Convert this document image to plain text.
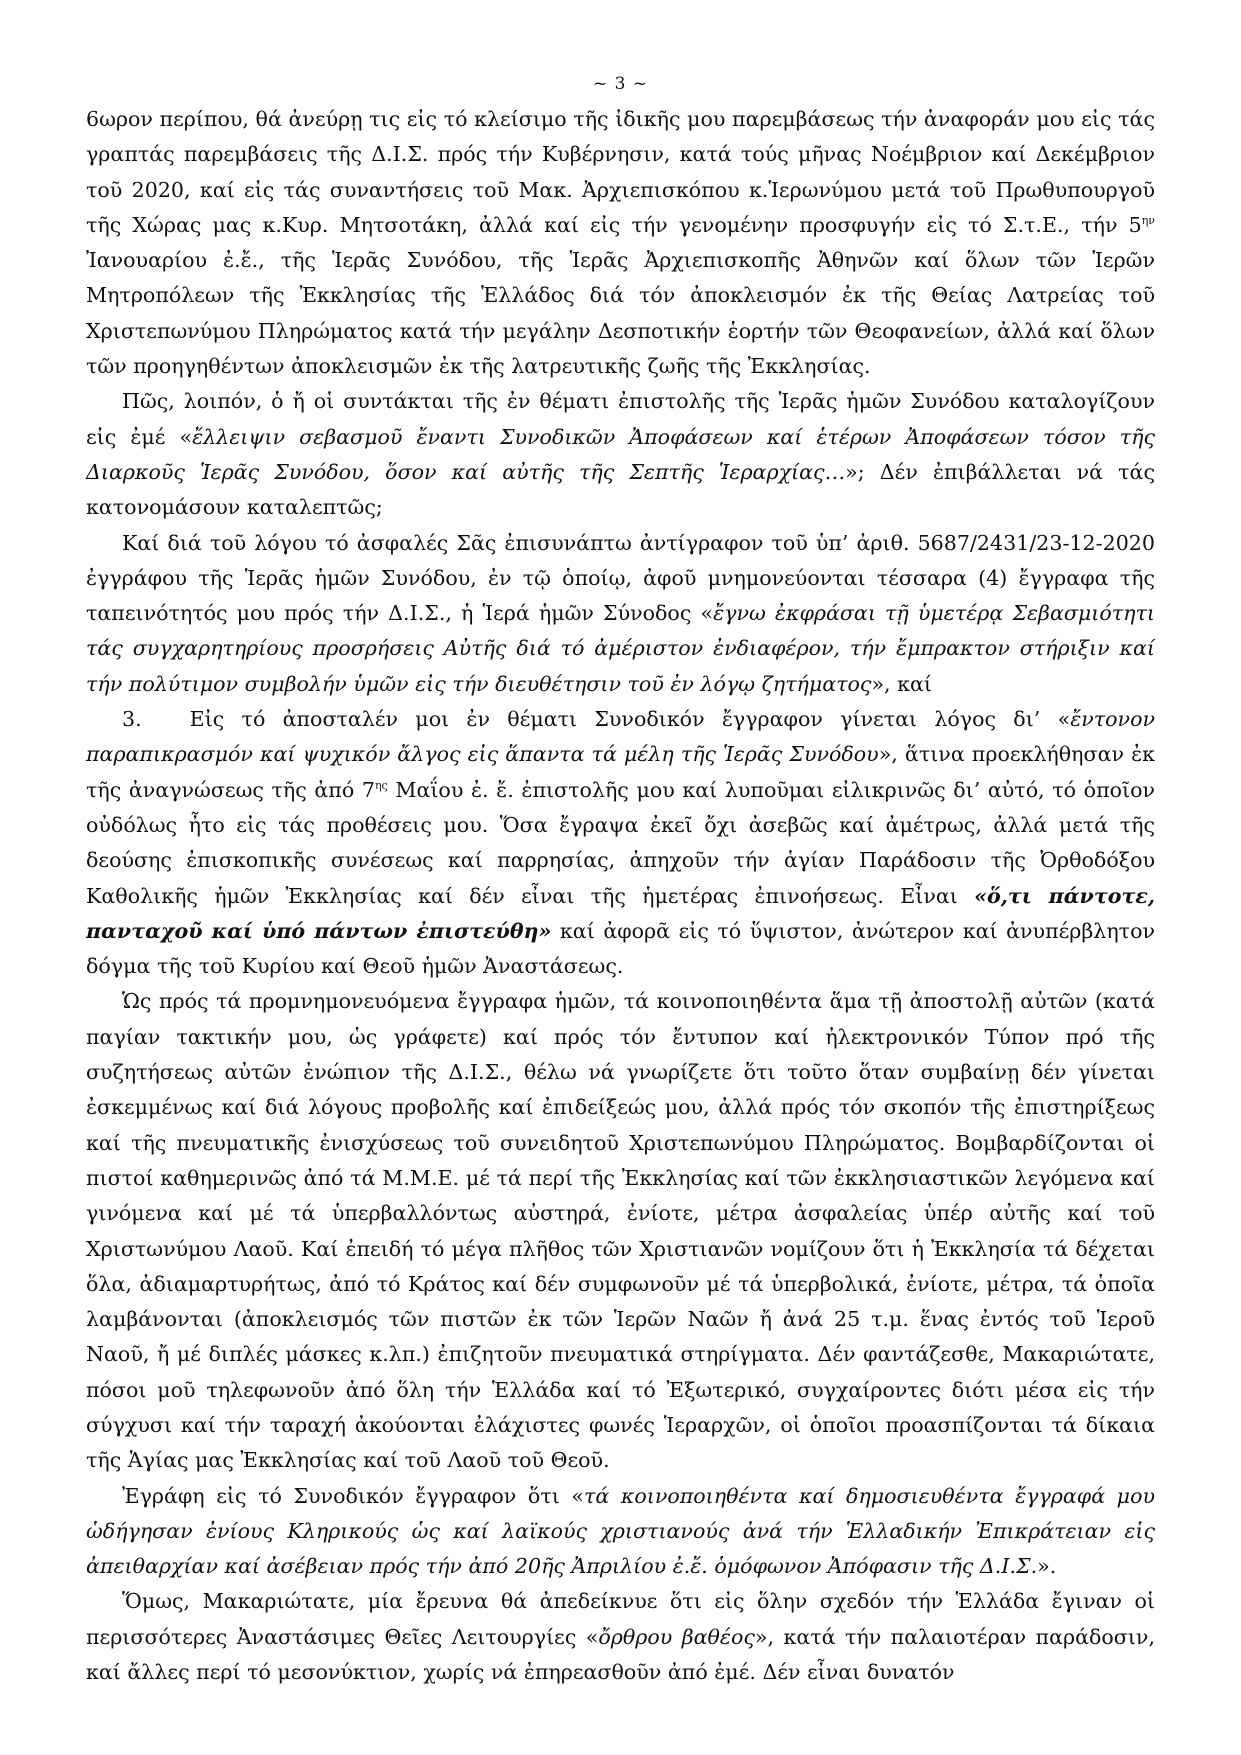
~ 3 ~

6ωρον περίπου, θά ἀνεύρῃ τις εἰς τό κλείσιμο τῆς ἰδικῆς μου παρεμβάσεως τήν ἀναφοράν μου εἰς τάς γραπτάς παρεμβάσεις τῆς Δ.Ι.Σ. πρός τήν Κυβέρνησιν, κατά τούς μῆνας Νοέμβριον καί Δεκέμβριον τοῦ 2020, καί εἰς τάς συναντήσεις τοῦ Μακ. Ἀρχιεπισκόπου κ.Ἱερωνύμου μετά τοῦ Πρωθυπουργοῦ τῆς Χώρας μας κ.Κυρ. Μητσοτάκη, ἀλλά καί εἰς τήν γενομένην προσφυγήν εἰς τό Σ.τ.Ε., τήν $5^{\eta\nu}$ Ἰανουαρίου ἐ.ἔ., τῆς Ἱερᾶς Συνόδου, τῆς Ἱερᾶς Ἀρχιεπισκοπῆς Ἀθηνῶν καί ὅλων τῶν Ἱερῶν Μητροπόλεων τῆς Ἐκκλησίας τῆς Ἑλλάδος διά τόν ἀποκλεισμόν ἐκ τῆς Θείας Λατρείας τοῦ Χριστεπωνύμου Πληρώματος κατά τήν μεγάλην Δεσποτικήν ἑορτήν τῶν Θεοφανείων, ἀλλά καί ὅλων τῶν προηγηθέντων ἀποκλεισμῶν ἐκ τῆς λατρευτικῆς ζωῆς τῆς Ἐκκλησίας.

Πῶς, λοιπόν, ὁ ἤ οἱ συντάκται τῆς ἐν θέματι ἐπιστολῆς τῆς Ἱερᾶς ἡμῶν Συνόδου καταλογίζουν εἰς ἐμέ «ἔλλειψιν σεβασμοῦ ἔναντι Συνοδικῶν Ἀποφάσεων καί ἑτέρων Ἀποφάσεων τόσον τῆς Διαρκοῦς Ἱερᾶς Συνόδου, ὅσον καί αὐτῆς τῆς Σεπτῆς Ἱεραρχίας…»; Δέν ἐπιβάλλεται νά τάς κατονομάσουν καταλεπτῶς;

Καί διά τοῦ λόγου τό ἀσφαλές Σᾶς ἐπισυνάπτω ἀντίγραφον τοῦ ὑπ’ ἀριθ. 5687/2431/23-12-2020 ἐγγράφου τῆς Ἱερᾶς ἡμῶν Συνόδου, ἐν τῷ ὁποίῳ, ἀφοῦ μνημονεύονται τέσσαρα (4) ἔγγραφα τῆς ταπεινότητός μου πρός τήν Δ.Ι.Σ., ἡ Ἱερά ἡμῶν Σύνοδος «ἔγνω ἐκφράσαι τῇ ὑμετέρᾳ Σεβασμιότητι τάς συγχαρητηρίους προσρήσεις Αὐτῆς διά τό ἀμέριστον ἐνδιαφέρον, τήν ἔμπρακτον στήριξιν καί τήν πολύτιμον συμβολήν ὑμῶν εἰς τήν διευθέτησιν τοῦ ἐν λόγῳ ζητήματος», καί

3. Εἰς τό ἀποσταλέν μοι ἐν θέματι Συνοδικόν ἔγγραφον γίνεται λόγος δι’ «ἔντονον παραπικρασμόν καί ψυχικόν ἄλγος εἰς ἅπαντα τά μέλη τῆς Ἱερᾶς Συνόδου», ἅτινα προεκλήθησαν ἐκ τῆς ἀναγνώσεως τῆς ἀπό $7^{\eta\varsigma}$ Μαΐου ἐ. ἔ. ἐπιστολῆς μου καί λυποῦμαι εἰλικρινῶς δι’ αὐτό, τό ὁποῖον οὐδόλως ἦτο εἰς τάς προθέσεις μου. Ὅσα ἔγραψα ἐκεῖ ὄχι ἀσεβῶς καί ἀμέτρως, ἀλλά μετά τῆς δεούσης ἐπισκοπικῆς συνέσεως καί παρρησίας, ἀπηχοῦν τήν ἁγίαν Παράδοσιν τῆς Ὀρθοδόξου Καθολικῆς ἡμῶν Ἐκκλησίας καί δέν εἶναι τῆς ἡμετέρας ἐπινοήσεως. Εἶναι «ὅ,τι πάντοτε, πανταχοῦ καί ὑπό πάντων ἐπιστεύθη» καί ἀφορᾶ εἰς τό ὕψιστον, ἀνώτερον καί ἀνυπέρβλητον δόγμα τῆς τοῦ Κυρίου καί Θεοῦ ἡμῶν Ἀναστάσεως.

Ὡς πρός τά προμνημονευόμενα ἔγγραφα ἡμῶν, τά κοινοποιηθέντα ἅμα τῇ ἀποστολῇ αὐτῶν (κατά παγίαν τακτικήν μου, ὡς γράφετε) καί πρός τόν ἔντυπον καί ἠλεκτρονικόν Τύπον πρό τῆς συζητήσεως αὐτῶν ἐνώπιον τῆς Δ.Ι.Σ., θέλω νά γνωρίζετε ὅτι τοῦτο ὅταν συμβαίνῃ δέν γίνεται ἐσκεμμένως καί διά λόγους προβολῆς καί ἐπιδείξεώς μου, ἀλλά πρός τόν σκοπόν τῆς ἐπιστηρίξεως καί τῆς πνευματικῆς ἐνισχύσεως τοῦ συνειδητοῦ Χριστεπωνύμου Πληρώματος. Βομβαρδίζονται οἱ πιστοί καθημερινῶς ἀπό τά Μ.Μ.Ε. μέ τά περί τῆς Ἐκκλησίας καί τῶν ἐκκλησιαστικῶν λεγόμενα καί γινόμενα καί μέ τά ὑπερβαλλόντως αὐστηρά, ἐνίοτε, μέτρα ἀσφαλείας ὑπέρ αὐτῆς καί τοῦ Χριστωνύμου Λαοῦ. Καί ἐπειδή τό μέγα πλῆθος τῶν Χριστιανῶν νομίζουν ὅτι ἡ Ἐκκλησία τά δέχεται ὅλα, ἀδιαμαρτυρήτως, ἀπό τό Κράτος καί δέν συμφωνοῦν μέ τά ὑπερβολικά, ἐνίοτε, μέτρα, τά ὁποῖα λαμβάνονται (ἀποκλεισμός τῶν πιστῶν ἐκ τῶν Ἱερῶν Ναῶν ἤ ἀνά 25 τ.μ. ἕνας ἐντός τοῦ Ἱεροῦ Ναοῦ, ἤ μέ διπλές μάσκες κ.λπ.) ἐπιζητοῦν πνευματικά στηρίγματα. Δέν φαντάζεσθε, Μακαριώτατε, πόσοι μοῦ τηλεφωνοῦν ἀπό ὅλη τήν Ἑλλάδα καί τό Ἐξωτερικό, συγχαίροντες διότι μέσα εἰς τήν σύγχυσι καί τήν ταραχή ἀκούονται ἐλάχιστες φωνές Ἱεραρχῶν, οἱ ὁποῖοι προασπίζονται τά δίκαια τῆς Ἁγίας μας Ἐκκλησίας καί τοῦ Λαοῦ τοῦ Θεοῦ.

Ἐγράφη εἰς τό Συνοδικόν ἔγγραφον ὅτι «τά κοινοποιηθέντα καί δημοσιευθέντα ἔγγραφά μου ὡδήγησαν ἐνίους Κληρικούς ὡς καί λαϊκούς χριστιανούς ἀνά τήν Ἑλλαδικήν Ἐπικράτειαν εἰς ἀπειθαρχίαν καί ἀσέβειαν πρός τήν ἀπό 20ῆς Ἀπριλίου ἐ.ἔ. ὁμόφωνον Ἀπόφασιν τῆς Δ.Ι.Σ.».

Ὅμως, Μακαριώτατε, μία ἔρευνα θά ἀπεδείκνυε ὅτι εἰς ὅλην σχεδόν τήν Ἑλλάδα ἔγιναν οἱ περισσότερες Ἀναστάσιμες Θεῖες Λειτουργίες «ὄρθρου βαθέος», κατά τήν παλαιοτέραν παράδοσιν, καί ἄλλες περί τό μεσονύκτιον, χωρίς νά ἐπηρεασθοῦν ἀπό ἐμέ. Δέν εἶναι δυνατόν
